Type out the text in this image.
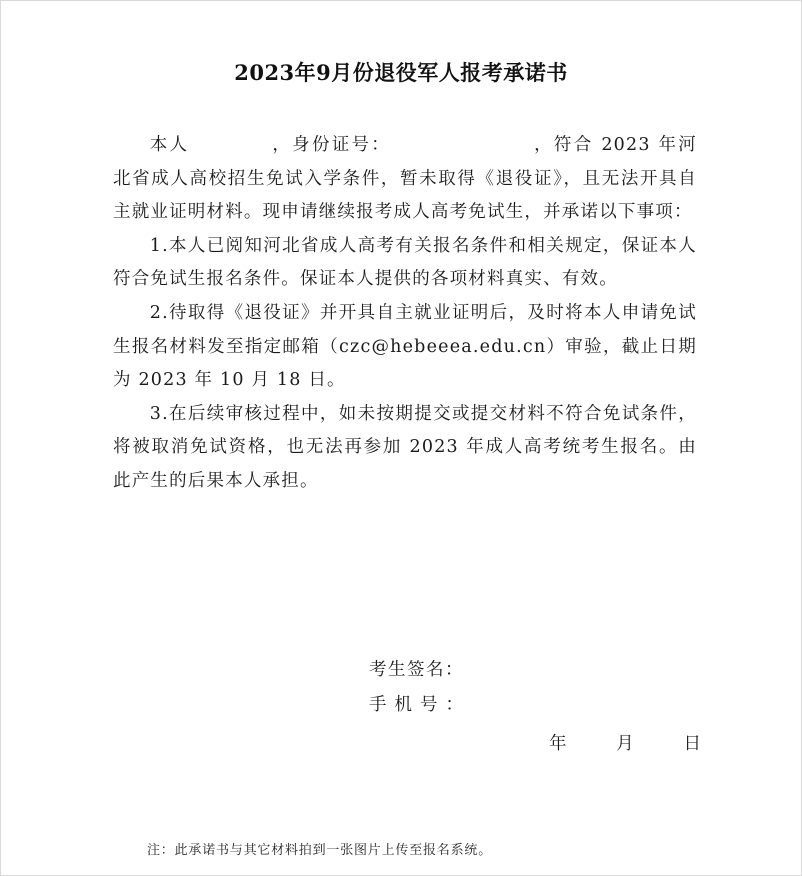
2023年9月份退役军人报考承诺书

本人	，身份证号：	，符合 2023 年河北省成人高校招生免试入学条件，暂未取得《退役证》，且无法开具自主就业证明材料。现申请继续报考成人高考免试生，并承诺以下事项：

1.本人已阅知河北省成人高考有关报名条件和相关规定，保证本人符合免试生报名条件。保证本人提供的各项材料真实、有效。

2.待取得《退役证》并开具自主就业证明后，及时将本人申请免试生报名材料发至指定邮箱（czc@hebeeea.edu.cn）审验，截止日期为 2023 年 10 月 18 日。

3.在后续审核过程中，如未按期提交或提交材料不符合免试条件，将被取消免试资格，也无法再参加 2023 年成人高考统考生报名。由此产生的后果本人承担。

考生签名：
手机号：
年	月	日
注：此承诺书与其它材料拍到一张图片上传至报名系统。
